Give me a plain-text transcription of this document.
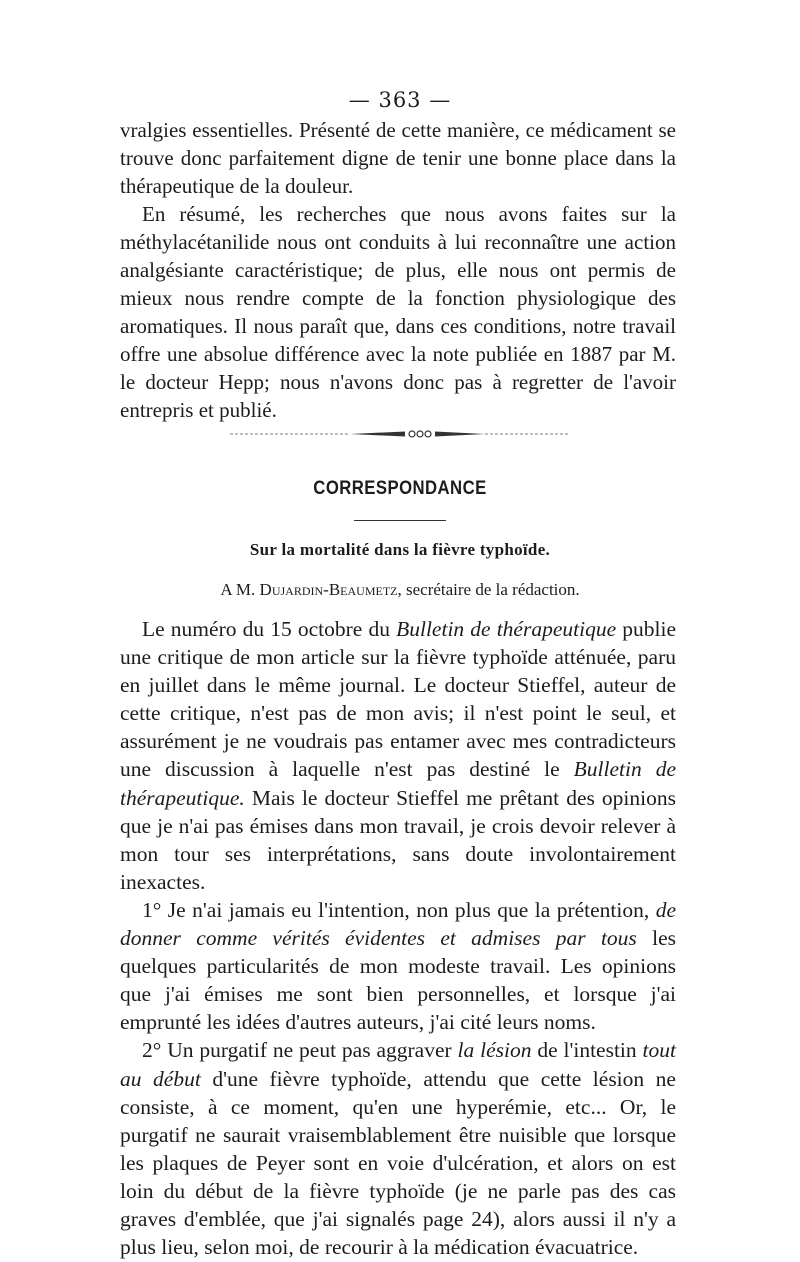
— 363 —

vralgies essentielles. Présenté de cette manière, ce médicament se trouve donc parfaitement digne de tenir une bonne place dans la thérapeutique de la douleur.

En résumé, les recherches que nous avons faites sur la méthylacétanilide nous ont conduits à lui reconnaître une action analgésiante caractéristique; de plus, elle nous ont permis de mieux nous rendre compte de la fonction physiologique des aromatiques. Il nous paraît que, dans ces conditions, notre travail offre une absolue différence avec la note publiée en 1887 par M. le docteur Hepp; nous n'avons donc pas à regretter de l'avoir entrepris et publié.

CORRESPONDANCE
Sur la mortalité dans la fièvre typhoïde.
A M. Dujardin-Beaumetz, secrétaire de la rédaction.

Le numéro du 15 octobre du Bulletin de thérapeutique publie une critique de mon article sur la fièvre typhoïde atténuée, paru en juillet dans le même journal. Le docteur Stieffel, auteur de cette critique, n'est pas de mon avis; il n'est point le seul, et assurément je ne voudrais pas entamer avec mes contradicteurs une discussion à laquelle n'est pas destiné le Bulletin de thérapeutique. Mais le docteur Stieffel me prêtant des opinions que je n'ai pas émises dans mon travail, je crois devoir relever à mon tour ses interprétations, sans doute involontairement inexactes.

1° Je n'ai jamais eu l'intention, non plus que la prétention, de donner comme vérités évidentes et admises par tous les quelques particularités de mon modeste travail. Les opinions que j'ai émises me sont bien personnelles, et lorsque j'ai emprunté les idées d'autres auteurs, j'ai cité leurs noms.

2° Un purgatif ne peut pas aggraver la lésion de l'intestin tout au début d'une fièvre typhoïde, attendu que cette lésion ne consiste, à ce moment, qu'en une hyperémie, etc... Or, le purgatif ne saurait vraisemblablement être nuisible que lorsque les plaques de Peyer sont en voie d'ulcération, et alors on est loin du début de la fièvre typhoïde (je ne parle pas des cas graves d'emblée, que j'ai signalés page 24), alors aussi il n'y a plus lieu, selon moi, de recourir à la médication évacuatrice.
